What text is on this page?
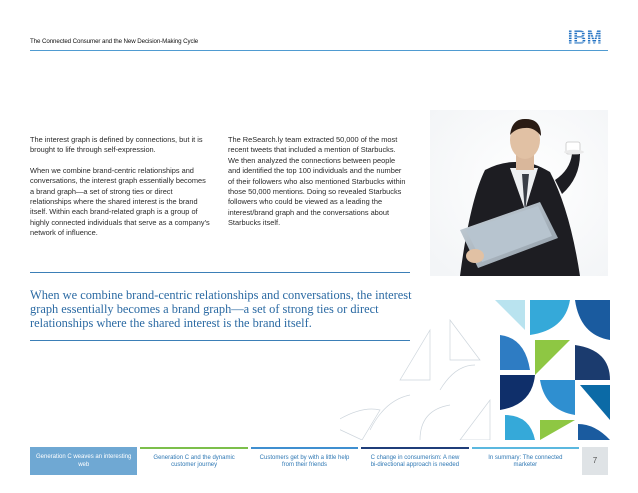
The Connected Consumer and the New Decision-Making Cycle	IBM

The interest graph is defined by connections, but it is brought to life through self-expression.

When we combine brand-centric relationships and conversations, the interest graph essentially becomes a brand graph—a set of strong ties or direct relationships where the shared interest is the brand itself. Within each brand-related graph is a group of highly connected individuals that serve as a company's network of influence.

The ReSearch.ly team extracted 50,000 of the most recent tweets that included a mention of Starbucks. We then analyzed the connections between people and identified the top 100 individuals and the number of their followers who also mentioned Starbucks within those 50,000 mentions. Doing so revealed Starbucks followers who could be viewed as a leading the interest/brand graph and the conversations about Starbucks itself.

When we combine brand-centric relationships and conversations, the interest graph essentially becomes a brand graph—a set of strong ties or direct relationships where the shared interest is the brand itself.
Generation C weaves an interesting web
Generation C and the dynamic customer journey
Customers get by with a little help from their friends
C change in consumerism: A new bi-directional approach is needed
In summary: The connected marketer	7
